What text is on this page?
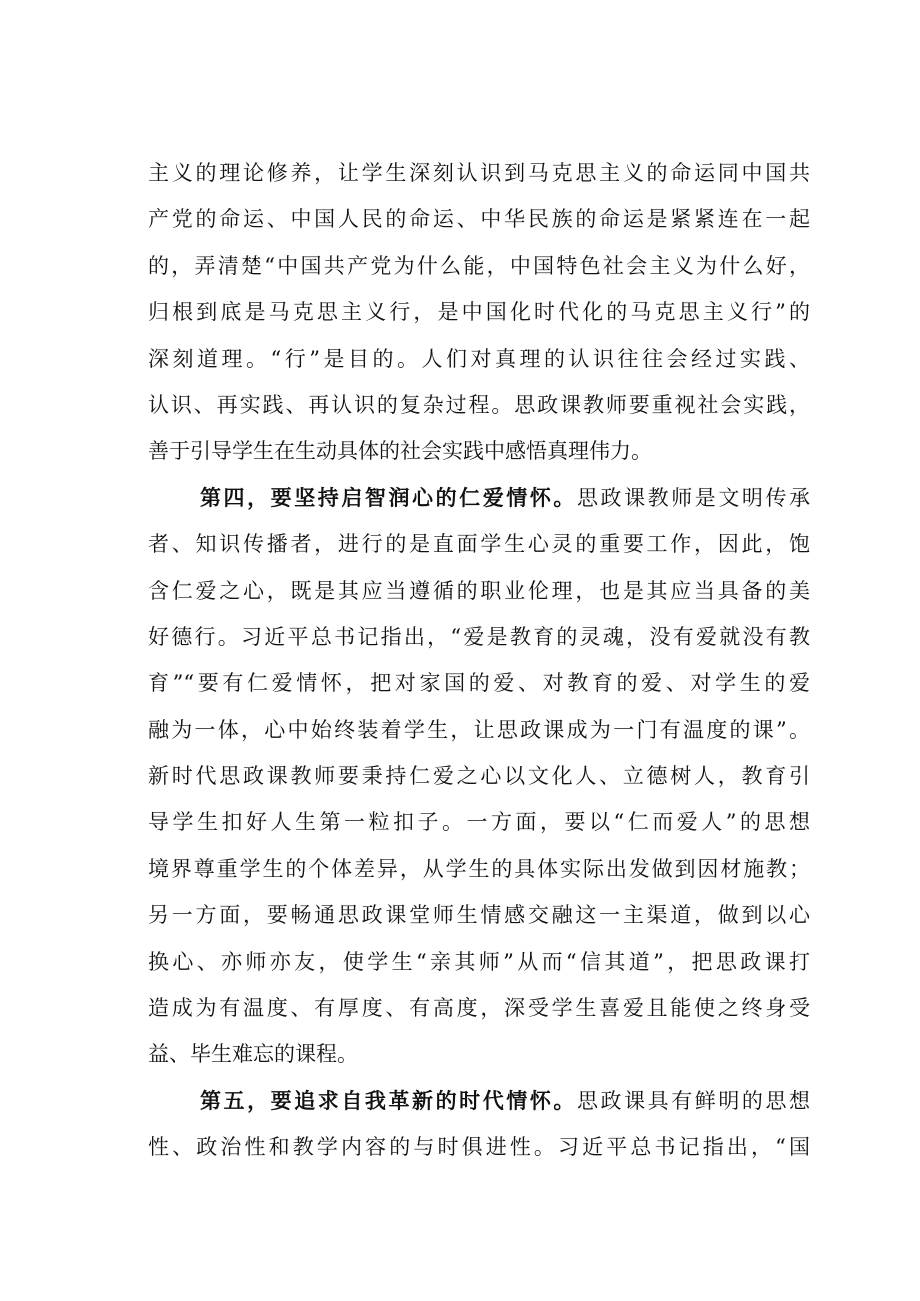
主义的理论修养，让学生深刻认识到马克思主义的命运同中国共
产党的命运、中国人民的命运、中华民族的命运是紧紧连在一起
的，弄清楚“中国共产党为什么能，中国特色社会主义为什么好，
归根到底是马克思主义行，是中国化时代化的马克思主义行”的
深刻道理。“行”是目的。人们对真理的认识往往会经过实践、
认识、再实践、再认识的复杂过程。思政课教师要重视社会实践，
善于引导学生在生动具体的社会实践中感悟真理伟力。
第四，要坚持启智润心的仁爱情怀。思政课教师是文明传承
者、知识传播者，进行的是直面学生心灵的重要工作，因此，饱
含仁爱之心，既是其应当遵循的职业伦理，也是其应当具备的美
好德行。习近平总书记指出，“爱是教育的灵魂，没有爱就没有教
育”“要有仁爱情怀，把对家国的爱、对教育的爱、对学生的爱
融为一体，心中始终装着学生，让思政课成为一门有温度的课”。
新时代思政课教师要秉持仁爱之心以文化人、立德树人，教育引
导学生扣好人生第一粒扣子。一方面，要以“仁而爱人”的思想
境界尊重学生的个体差异，从学生的具体实际出发做到因材施教；
另一方面，要畅通思政课堂师生情感交融这一主渠道，做到以心
换心、亦师亦友，使学生“亲其师”从而“信其道”，把思政课打
造成为有温度、有厚度、有高度，深受学生喜爱且能使之终身受
益、毕生难忘的课程。
第五，要追求自我革新的时代情怀。思政课具有鲜明的思想
性、政治性和教学内容的与时俱进性。习近平总书记指出，“国
